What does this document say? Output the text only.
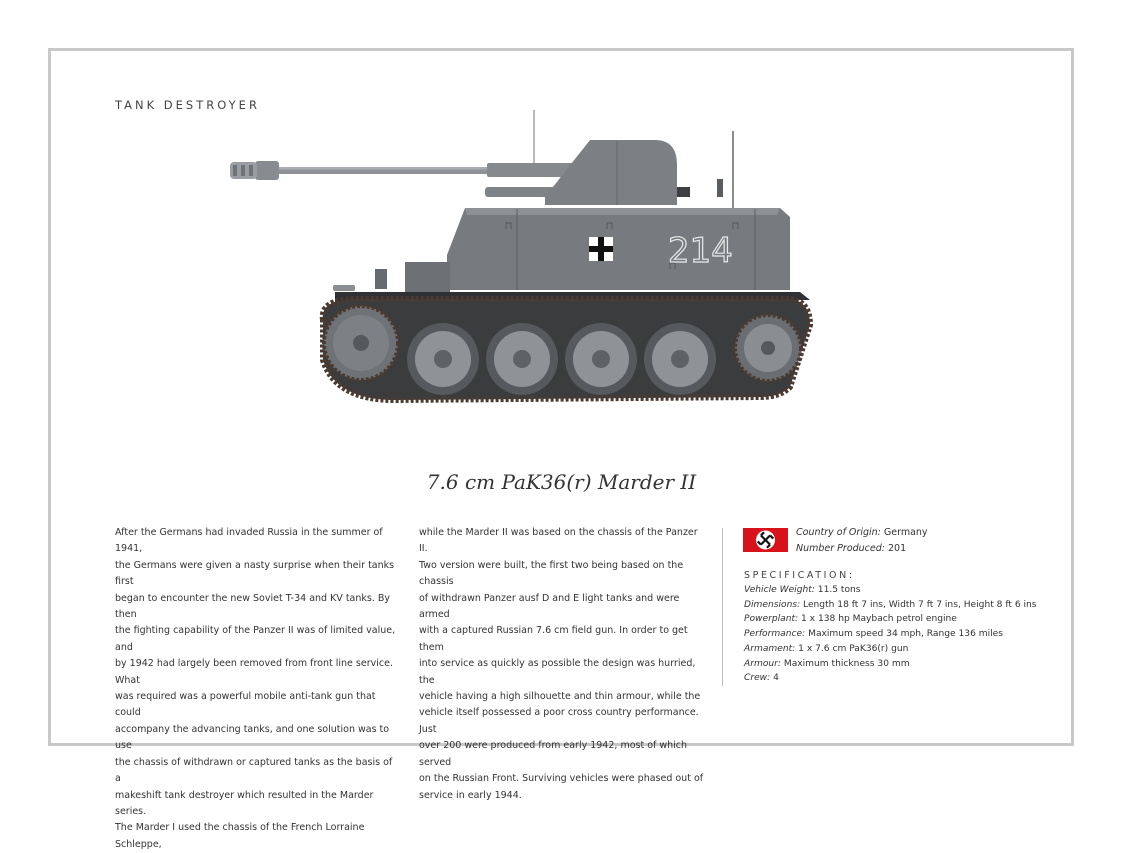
TANK DESTROYER
214
7.6 cm PaK36(r) Marder II
After the Germans had invaded Russia in the summer of 1941,
the Germans were given a nasty surprise when their tanks first
began to encounter the new Soviet T-34 and KV tanks. By then
the fighting capability of the Panzer II was of limited value, and
by 1942 had largely been removed from front line service. What
was required was a powerful mobile anti-tank gun that could
accompany the advancing tanks, and one solution was to use
the chassis of withdrawn or captured tanks as the basis of a
makeshift tank destroyer which resulted in the Marder series.
The Marder I used the chassis of the French Lorraine Schleppe,
while the Marder II was based on the chassis of the Panzer II.
Two version were built, the first two being based on the chassis
of withdrawn Panzer ausf D and E light tanks and were armed
with a captured Russian 7.6 cm field gun. In order to get them
into service as quickly as possible the design was hurried, the
vehicle having a high silhouette and thin armour, while the
vehicle itself possessed a poor cross country performance. Just
over 200 were produced from early 1942, most of which served
on the Russian Front. Surviving vehicles were phased out of
service in early 1944.
Country of Origin: Germany
Number Produced: 201
SPECIFICATION:
Vehicle Weight: 11.5 tons
Dimensions: Length 18 ft 7 ins, Width 7 ft 7 ins, Height 8 ft 6 ins
Powerplant: 1 x 138 hp Maybach petrol engine
Performance: Maximum speed 34 mph, Range 136 miles
Armament: 1 x 7.6 cm PaK36(r) gun
Armour: Maximum thickness 30 mm
Crew: 4
